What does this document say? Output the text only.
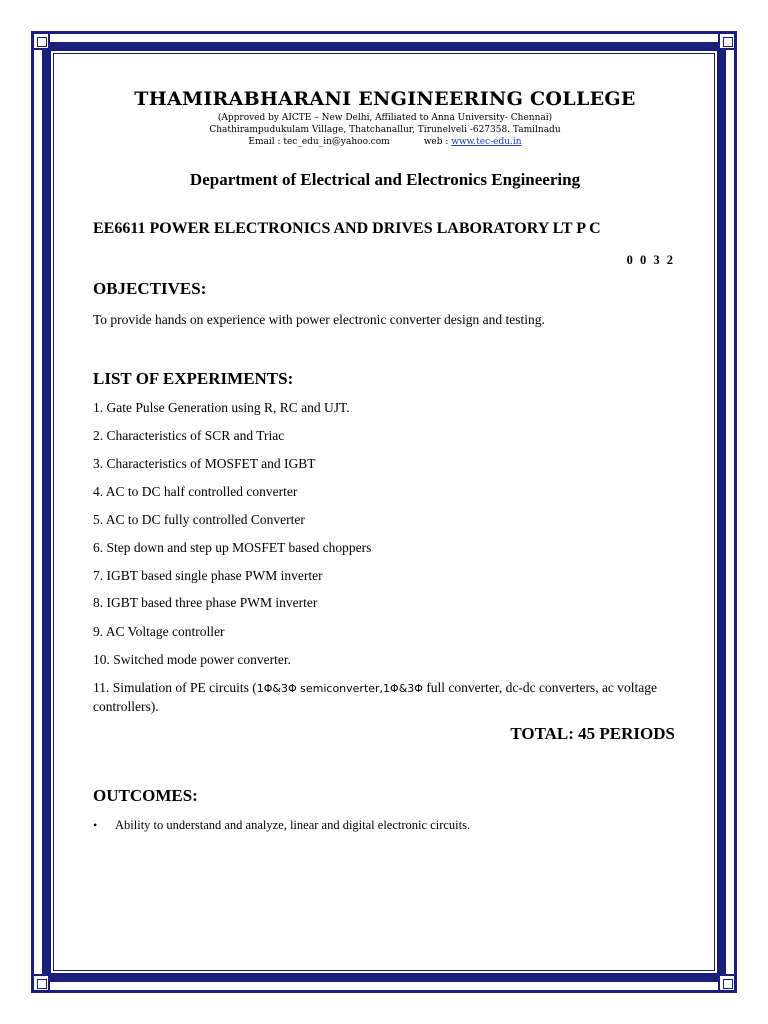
THAMIRABHARANI ENGINEERING COLLEGE
(Approved by AICTE – New Delhi, Affiliated to Anna University- Chennai)
Chathirampudukulam Village, Thatchanallur, Tirunelveli -627358. Tamilnadu
Email : tec_edu_in@yahoo.com	web : www.tec-edu.in
Department of Electrical and Electronics Engineering
EE6611 POWER ELECTRONICS AND DRIVES LABORATORY LT P C
0 0 3 2
OBJECTIVES:
To provide hands on experience with power electronic converter design and testing.
LIST OF EXPERIMENTS:
1. Gate Pulse Generation using R, RC and UJT.
2. Characteristics of SCR and Triac
3. Characteristics of MOSFET and IGBT
4. AC to DC half controlled converter
5. AC to DC fully controlled Converter
6. Step down and step up MOSFET based choppers
7. IGBT based single phase PWM inverter
8. IGBT based three phase PWM inverter
9. AC Voltage controller
10. Switched mode power converter.
11. Simulation of PE circuits (1Φ&3Φ semiconverter,1Φ&3Φ full converter, dc-dc converters, ac voltage controllers).
TOTAL: 45 PERIODS
OUTCOMES:
• Ability to understand and analyze, linear and digital electronic circuits.
